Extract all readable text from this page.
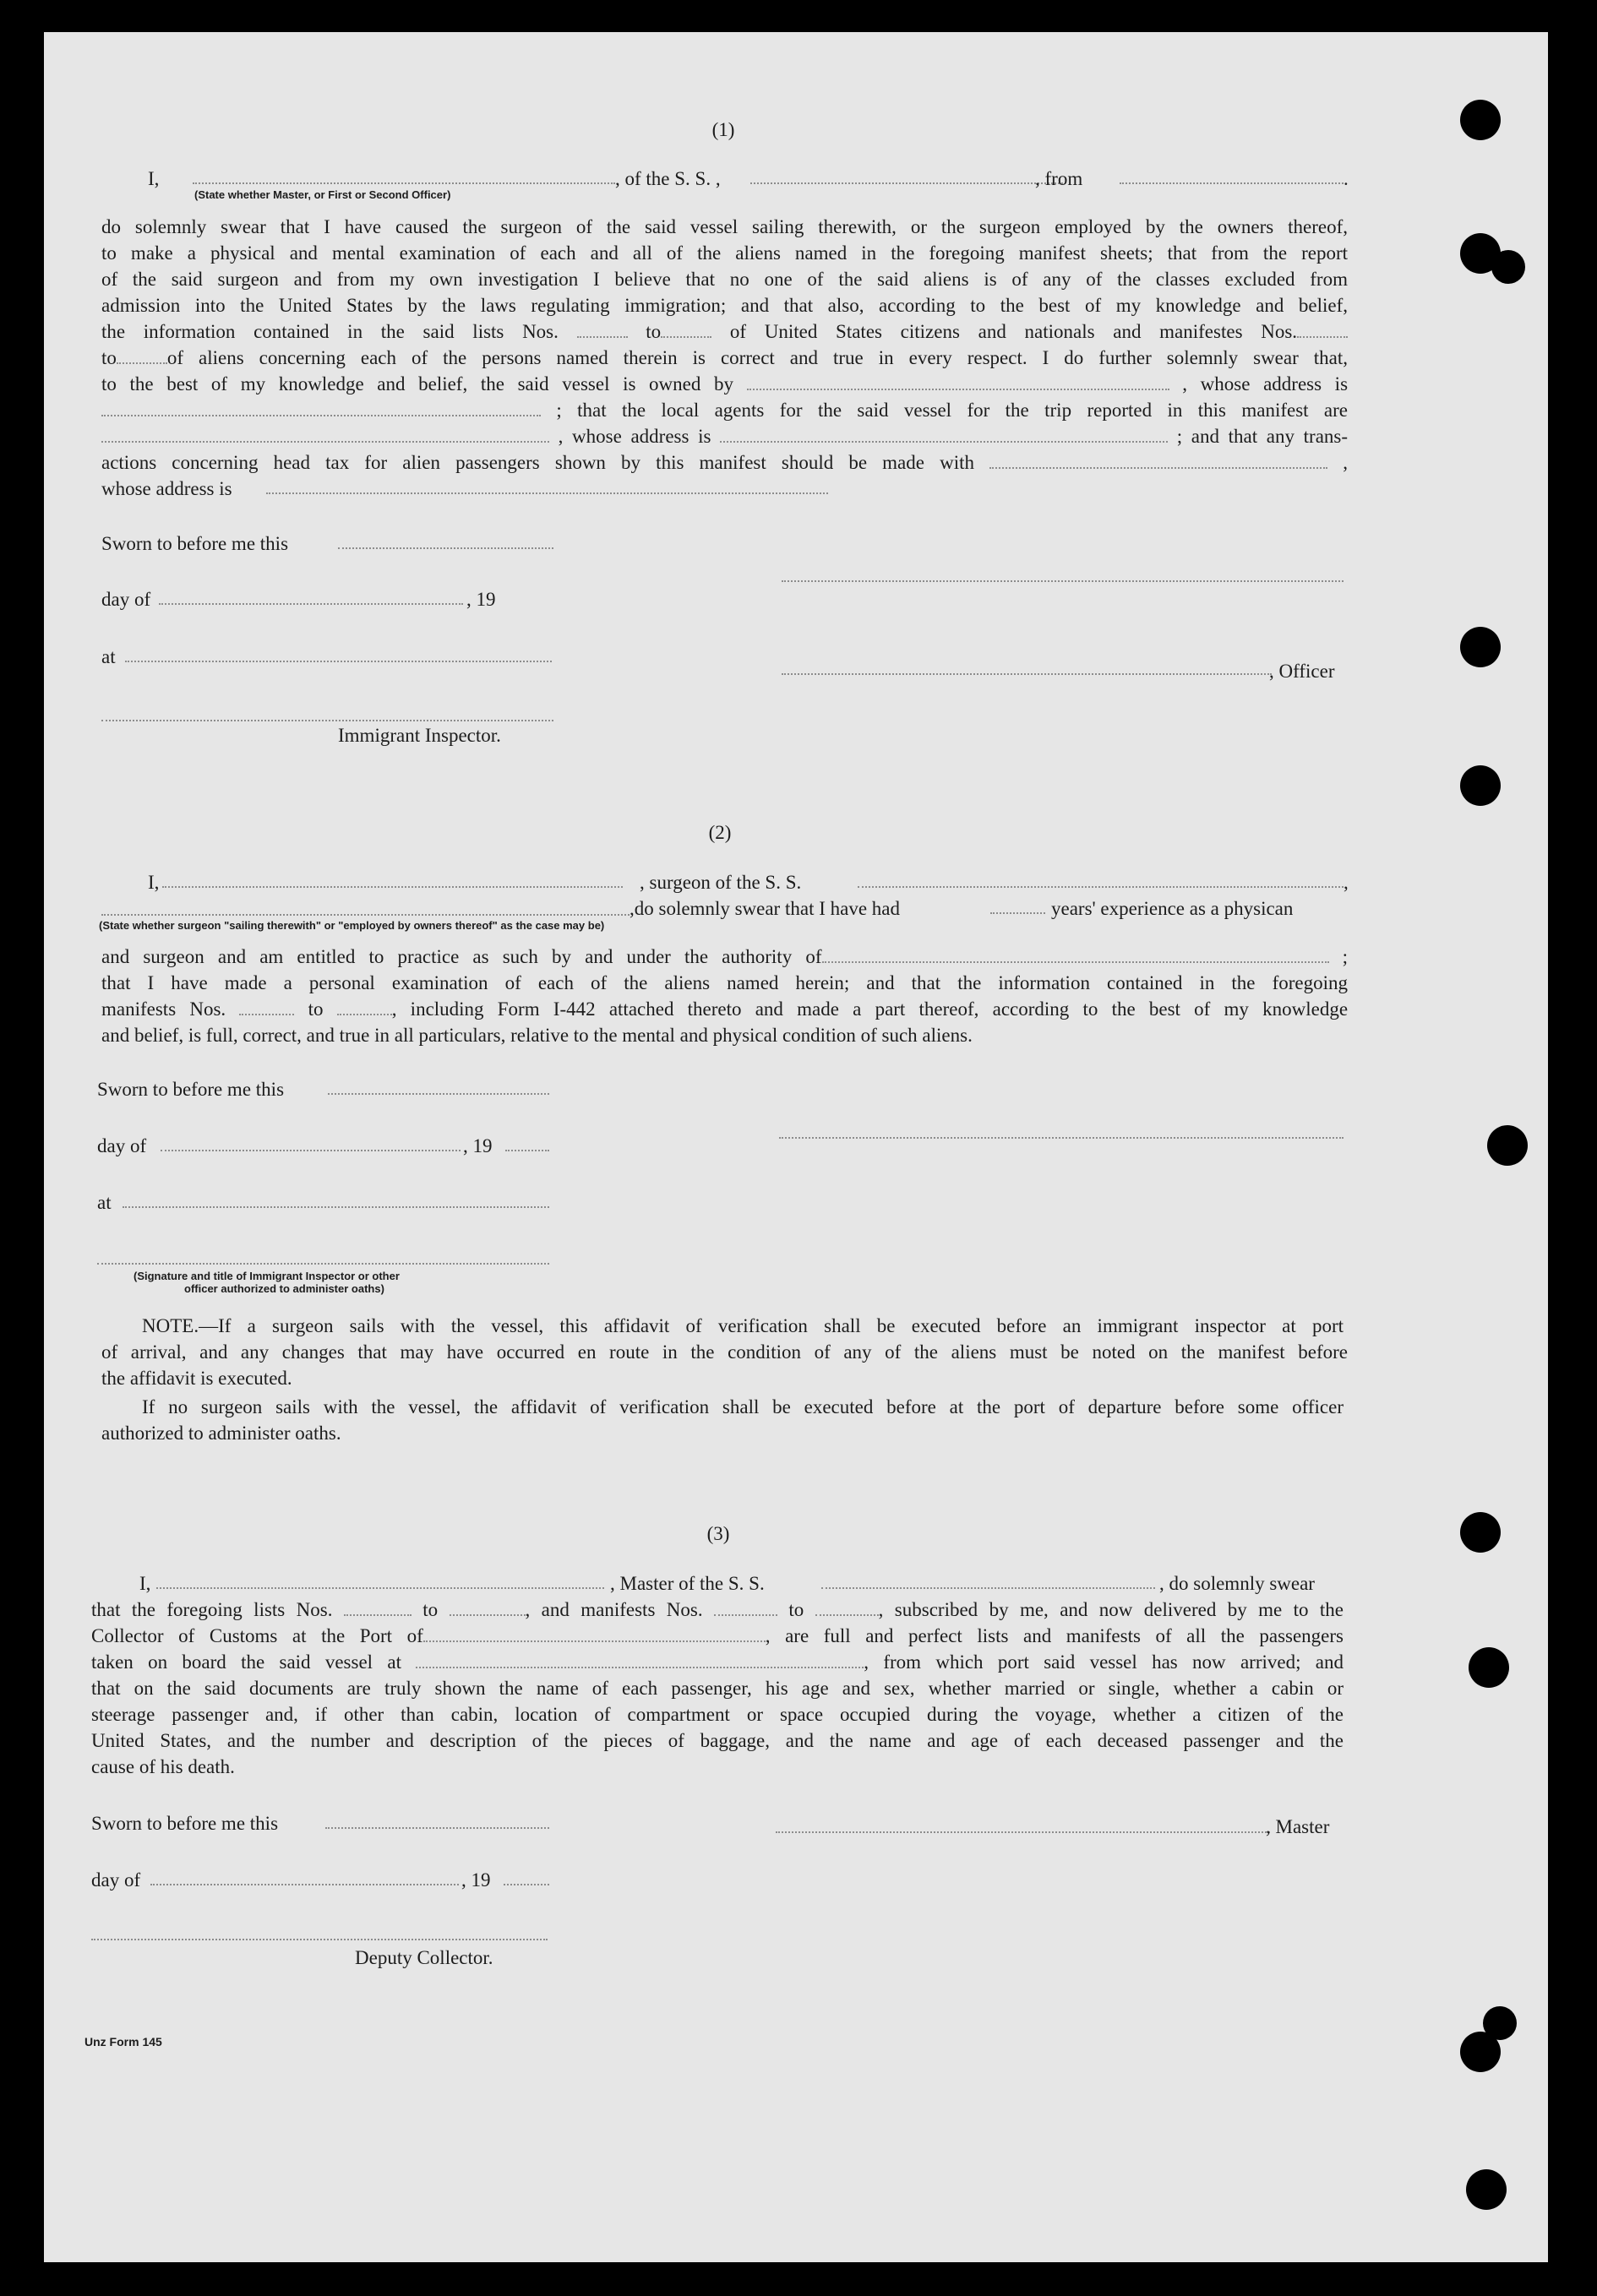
(1)
I,	, of the S. S. ,	, from	.
(State whether Master, or First or Second Officer)
do solemnly swear that I have caused the surgeon of the said vessel sailing therewith, or the surgeon employed by the owners thereof,
to make a physical and mental examination of each and all of the aliens named in the foregoing manifest sheets; that from the report
of the said surgeon and from my own investigation I believe that no one of the said aliens is of any of the classes excluded from
admission into the United States by the laws regulating immigration; and that also, according to the best of my knowledge and belief,
the information contained in the said lists Nos.	to	of United States citizens and nationals and manifestes Nos.
to	of aliens concerning each of the persons named therein is correct and true in every respect. I do further solemnly swear that,
to the best of my knowledge and belief, the said vessel is owned by	, whose address is
; that the local agents for the said vessel for the trip reported in this manifest are
, whose address is	; and that any trans-
actions concerning head tax for alien passengers shown by this manifest should be made with	,
whose address is
Sworn to before me this
day of	, 19
at
, Officer
Immigrant Inspector.
(2)
I,	, surgeon of the S. S.	,
,do solemnly swear that I have had	years' experience as a physican
(State whether surgeon "sailing therewith" or "employed by owners thereof" as the case may be)
and surgeon and am entitled to practice as such by and under the authority of	;
that I have made a personal examination of each of the aliens named herein; and that the information contained in the foregoing
manifests Nos.	to	, including Form I-442 attached thereto and made a part thereof, according to the best of my knowledge
and belief, is full, correct, and true in all particulars, relative to the mental and physical condition of such aliens.
Sworn to before me this
day of	, 19
at
(Signature and title of Immigrant Inspector or other
officer authorized to administer oaths)
NOTE.—If a surgeon sails with the vessel, this affidavit of verification shall be executed before an immigrant inspector at port
of arrival, and any changes that may have occurred en route in the condition of any of the aliens must be noted on the manifest before
the affidavit is executed.
If no surgeon sails with the vessel, the affidavit of verification shall be executed before at the port of departure before some officer
authorized to administer oaths.
(3)
I,	, Master of the S. S.	, do solemnly swear
that the foregoing lists Nos.	to	, and manifests Nos.	to	, subscribed by me, and now delivered by me to the
Collector of Customs at the Port of	, are full and perfect lists and manifests of all the passengers
taken on board the said vessel at	, from which port said vessel has now arrived; and
that on the said documents are truly shown the name of each passenger, his age and sex, whether married or single, whether a cabin or
steerage passenger and, if other than cabin, location of compartment or space occupied during the voyage, whether a citizen of the
United States, and the number and description of the pieces of baggage, and the name and age of each deceased passenger and the
cause of his death.
Sworn to before me this	, Master
day of	, 19
Deputy Collector.
Unz Form 145
